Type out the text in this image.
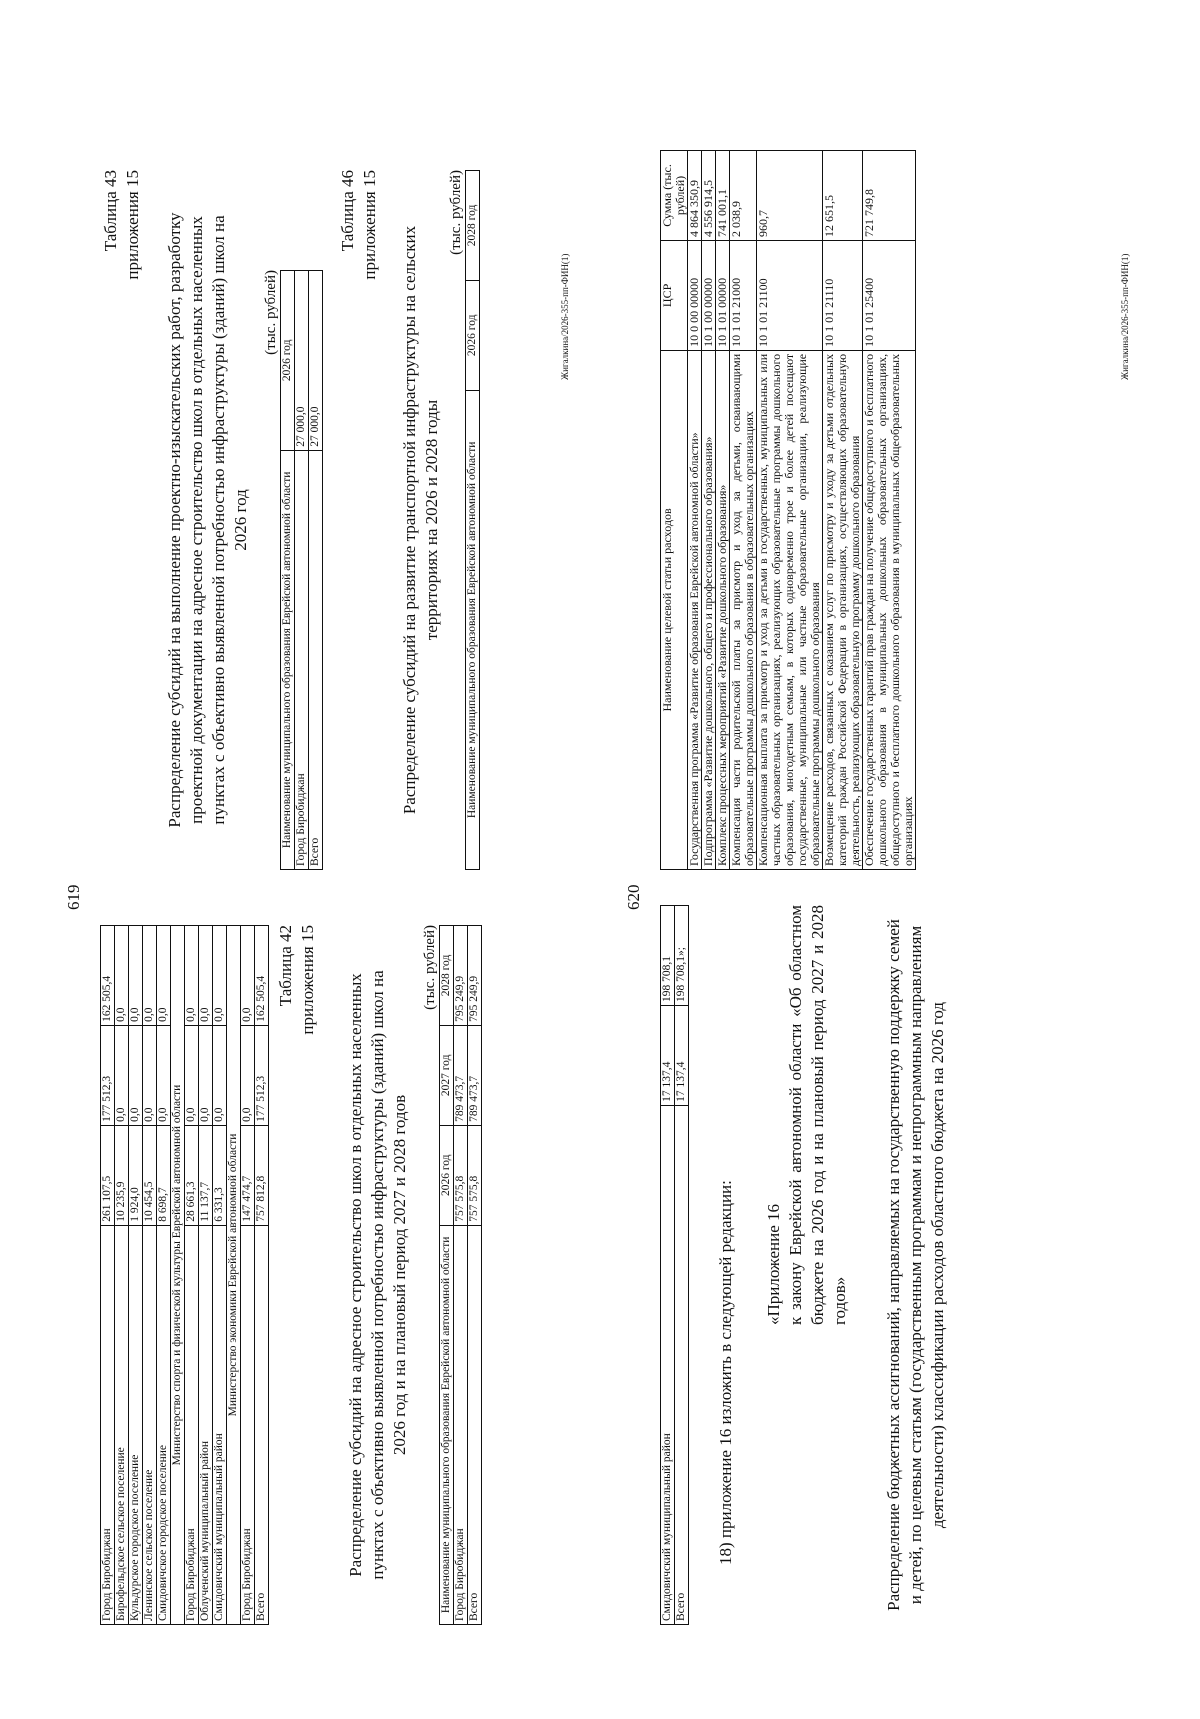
619
Город Биробиджан	261 107,5	177 512,3	162 505,4
Бирофельдское сельское поселение	10 235,9	0,0	0,0
Кульдурское городское поселение	1 924,0	0,0	0,0
Ленинское сельское поселение	10 454,5	0,0	0,0
Смидовичское городское поселение	8 698,7	0,0	0,0
Министерство спорта и физической культуры Еврейской автономной области			
Город Биробиджан	28 661,3	0,0	0,0
Облученский муниципальный район	11 137,7	0,0	0,0
Смидовичский муниципальный район	6 331,3	0,0	0,0
Министерство экономики Еврейской автономной области			
Город Биробиджан	147 474,7	0,0	0,0
Всего	757 812,8	177 512,3	162 505,4 Таблица 42 приложения 15 Распределение субсидий на адресное строительство школ в отдельных населенных пунктах с объективно выявленной потребностью инфраструктуры (зданий) школ на 2026 год и на плановый период 2027 и 2028 годов
(тыс. рублей)
Наименование муниципального образования Еврейской автономной области	2026 год	2027 год	2028 год
Город Биробиджан	757 575,8	789 473,7	795 249,9
Всего	757 575,8	789 473,7	795 249,9
Таблица 43 приложения 15 Распределение субсидий на выполнение проектно-изыскательских работ, разработку проектной документации на адресное строительство школ в отдельных населенных пунктах с объективно выявленной потребностью инфраструктуры (зданий) школ на 2026 год
(тыс. рублей)
Наименование муниципального образования Еврейской автономной области	2026 год
Город Биробиджан	27 000,0
Всего	27 000,0
Таблица 46 приложения 15
Распределение субсидий на развитие транспортной инфраструктуры на сельских территориях на 2026 и 2028 годы
(тыс. рублей)
Наименование муниципального образования Еврейской автономной области	2026 год	2028 год
Жигалкина/2026-355-пп-ФИН(1)
620
Смидовичский муниципальный район	17 137,4	198 708,1
Всего	17 137,4	198 708,1»;
18) приложение 16 изложить в следующей редакции: «Приложение 16 к закону Еврейской автономной области «Об областном бюджете на 2026 год и на плановый период 2027 и 2028 годов» Распределение бюджетных ассигнований, направляемых на государственную поддержку семей и детей, по целевым статьям (государственным программам и непрограммным направлениям деятельности) классификации расходов областного бюджета на 2026 год
Наименование целевой статьи расходов	ЦСР	Сумма (тыс. рублей)
Государственная программа «Развитие образования Еврейской автономной области»	10 0 00 00000	4 864 350,9
Подпрограмма «Развитие дошкольного, общего и профессионального образования»	10 1 00 00000	4 556 914,5
Комплекс процессных мероприятий «Развитие дошкольного образования»	10 1 01 00000	741 001,1
Компенсация части родительской платы за присмотр и уход за детьми, осваивающими образовательные программы дошкольного образования в образовательных организациях	10 1 01 21000	2 038,9
Компенсационная выплата за присмотр и уход за детьми в государственных, муниципальных или частных образовательных организациях, реализующих образовательные программы дошкольного образования, многодетным семьям, в которых одновременно трое и более детей посещают государственные, муниципальные или частные образовательные организации, реализующие образовательные программы дошкольного образования	10 1 01 21100	960,7
Возмещение расходов, связанных с оказанием услуг по присмотру и уходу за детьми отдельных категорий граждан Российской Федерации в организациях, осуществляющих образовательную деятельность, реализующих образовательную программу дошкольного образования	10 1 01 21110	12 651,5
Обеспечение государственных гарантий прав граждан на получение общедоступного и бесплатного дошкольного образования в муниципальных дошкольных образовательных организациях, общедоступного и бесплатного дошкольного образования в муниципальных общеобразовательных организациях	10 1 01 25400	721 749,8
Жигалкина/2026-355-пп-ФИН(1)
